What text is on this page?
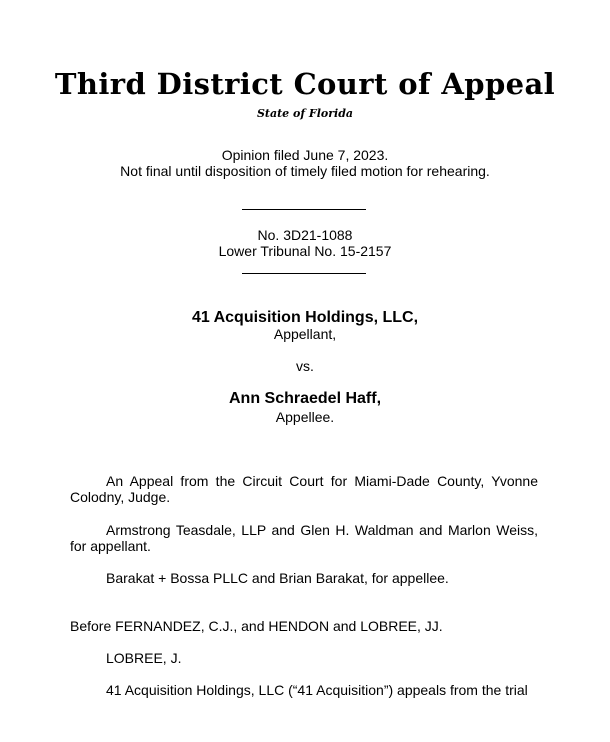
Third District Court of Appeal
State of Florida
Opinion filed June 7, 2023.
Not final until disposition of timely filed motion for rehearing.
No. 3D21-1088
Lower Tribunal No. 15-2157
41 Acquisition Holdings, LLC,
Appellant,
vs.
Ann Schraedel Haff,
Appellee.
An Appeal from the Circuit Court for Miami-Dade County, Yvonne Colodny, Judge.
Armstrong Teasdale, LLP and Glen H. Waldman and Marlon Weiss, for appellant.
Barakat + Bossa PLLC and Brian Barakat, for appellee.
Before FERNANDEZ, C.J., and HENDON and LOBREE, JJ.
LOBREE, J.
41 Acquisition Holdings, LLC (“41 Acquisition”) appeals from the trial
